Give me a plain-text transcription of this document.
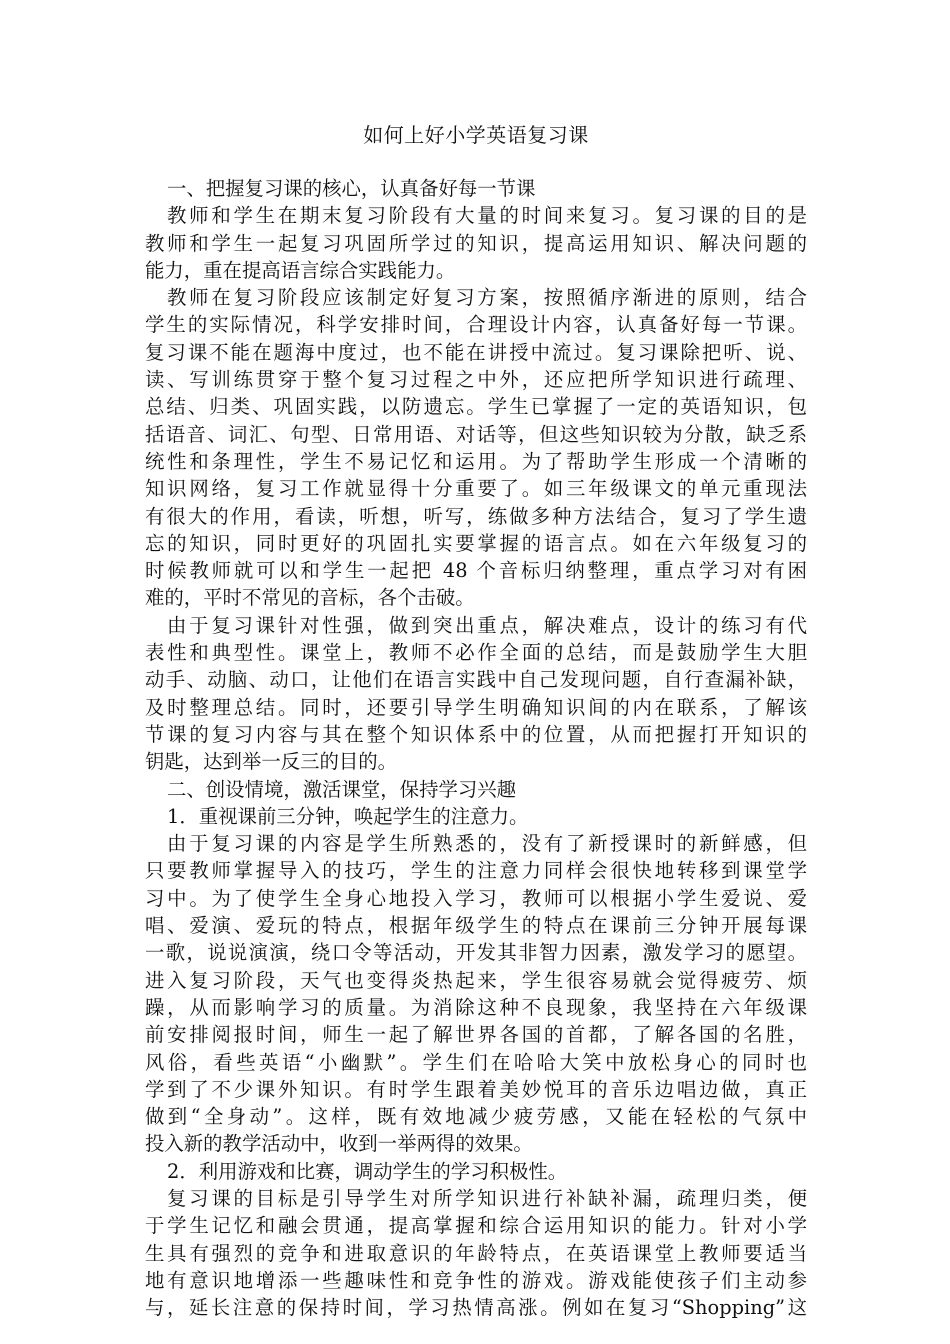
如何上好小学英语复习课
一、把握复习课的核心，认真备好每一节课
教师和学生在期末复习阶段有大量的时间来复习。复习课的目的是
教师和学生一起复习巩固所学过的知识，提高运用知识、解决问题的
能力，重在提高语言综合实践能力。
教师在复习阶段应该制定好复习方案，按照循序渐进的原则，结合
学生的实际情况，科学安排时间，合理设计内容，认真备好每一节课。
复习课不能在题海中度过，也不能在讲授中流过。复习课除把听、说、
读、写训练贯穿于整个复习过程之中外，还应把所学知识进行疏理、
总结、归类、巩固实践，以防遗忘。学生已掌握了一定的英语知识，包
括语音、词汇、句型、日常用语、对话等，但这些知识较为分散，缺乏系
统性和条理性，学生不易记忆和运用。为了帮助学生形成一个清晰的
知识网络，复习工作就显得十分重要了。如三年级课文的单元重现法
有很大的作用，看读，听想，听写，练做多种方法结合，复习了学生遗
忘的知识，同时更好的巩固扎实要掌握的语言点。如在六年级复习的
时候教师就可以和学生一起把 48 个音标归纳整理，重点学习对有困
难的，平时不常见的音标，各个击破。
由于复习课针对性强，做到突出重点，解决难点，设计的练习有代
表性和典型性。课堂上，教师不必作全面的总结，而是鼓励学生大胆
动手、动脑、动口，让他们在语言实践中自己发现问题，自行查漏补缺，
及时整理总结。同时，还要引导学生明确知识间的内在联系，了解该
节课的复习内容与其在整个知识体系中的位置，从而把握打开知识的
钥匙，达到举一反三的目的。
二、创设情境，激活课堂，保持学习兴趣
1．重视课前三分钟，唤起学生的注意力。
由于复习课的内容是学生所熟悉的，没有了新授课时的新鲜感，但
只要教师掌握导入的技巧，学生的注意力同样会很快地转移到课堂学
习中。为了使学生全身心地投入学习，教师可以根据小学生爱说、爱
唱、爱演、爱玩的特点，根据年级学生的特点在课前三分钟开展每课
一歌，说说演演，绕口令等活动，开发其非智力因素，激发学习的愿望。
进入复习阶段，天气也变得炎热起来，学生很容易就会觉得疲劳、烦
躁，从而影响学习的质量。为消除这种不良现象，我坚持在六年级课
前安排阅报时间，师生一起了解世界各国的首都，了解各国的名胜，
风俗，看些英语“小幽默”。学生们在哈哈大笑中放松身心的同时也
学到了不少课外知识。有时学生跟着美妙悦耳的音乐边唱边做，真正
做到“全身动”。这样，既有效地减少疲劳感，又能在轻松的气氛中
投入新的教学活动中，收到一举两得的效果。
2．利用游戏和比赛，调动学生的学习积极性。
复习课的目标是引导学生对所学知识进行补缺补漏，疏理归类，便
于学生记忆和融会贯通，提高掌握和综合运用知识的能力。针对小学
生具有强烈的竞争和进取意识的年龄特点，在英语课堂上教师要适当
地有意识地增添一些趣味性和竞争性的游戏。游戏能使孩子们主动参
与，延长注意的保持时间，学习热情高涨。例如在复习“Shopping”这
